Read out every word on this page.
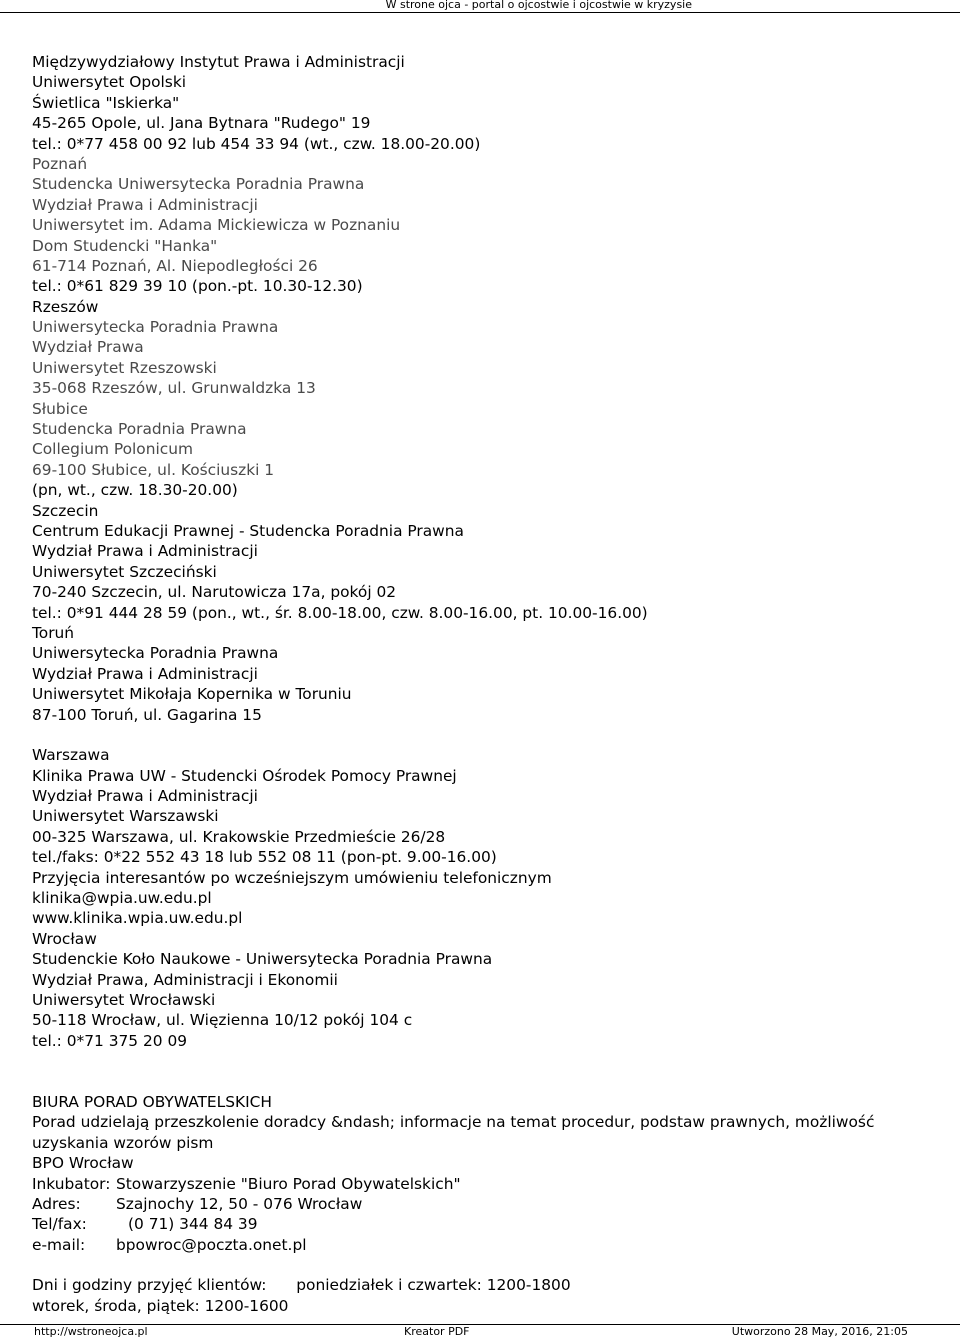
W strone ojca - portal o ojcostwie i ojcostwie w kryzysie
Międzywydziałowy Instytut Prawa i Administracji
Uniwersytet Opolski
Świetlica "Iskierka"
45-265 Opole, ul. Jana Bytnara "Rudego" 19
tel.: 0*77 458 00 92 lub 454 33 94 (wt., czw. 18.00-20.00)
Poznań
Studencka Uniwersytecka Poradnia Prawna
Wydział Prawa i Administracji
Uniwersytet im. Adama Mickiewicza w Poznaniu
Dom Studencki "Hanka"
61-714 Poznań, Al. Niepodległości 26
tel.: 0*61 829 39 10 (pon.-pt. 10.30-12.30)
Rzeszów
Uniwersytecka Poradnia Prawna
Wydział Prawa
Uniwersytet Rzeszowski
35-068 Rzeszów, ul. Grunwaldzka 13
Słubice
Studencka Poradnia Prawna
Collegium Polonicum
69-100 Słubice, ul. Kościuszki 1
(pn, wt., czw. 18.30-20.00)
Szczecin
Centrum Edukacji Prawnej - Studencka Poradnia Prawna
Wydział Prawa i Administracji
Uniwersytet Szczeciński
70-240 Szczecin, ul. Narutowicza 17a, pokój 02
tel.: 0*91 444 28 59 (pon., wt., śr. 8.00-18.00, czw. 8.00-16.00, pt. 10.00-16.00)
Toruń
Uniwersytecka Poradnia Prawna
Wydział Prawa i Administracji
Uniwersytet Mikołaja Kopernika w Toruniu
87-100 Toruń, ul. Gagarina 15
Warszawa
Klinika Prawa UW - Studencki Ośrodek Pomocy Prawnej
Wydział Prawa i Administracji
Uniwersytet Warszawski
00-325 Warszawa, ul. Krakowskie Przedmieście 26/28
tel./faks: 0*22 552 43 18 lub 552 08 11 (pon-pt. 9.00-16.00)
Przyjęcia interesantów po wcześniejszym umówieniu telefonicznym
klinika@wpia.uw.edu.pl
www.klinika.wpia.uw.edu.pl
Wrocław
Studenckie Koło Naukowe - Uniwersytecka Poradnia Prawna
Wydział Prawa, Administracji i Ekonomii
Uniwersytet Wrocławski
50-118 Wrocław, ul. Więzienna 10/12 pokój 104 c
tel.: 0*71 375 20 09
BIURA PORAD OBYWATELSKICH
Porad udzielają przeszkolenie doradcy &ndash; informacje na temat procedur, podstaw prawnych, możliwość uzyskania wzorów pism
BPO Wrocław
Inkubator: Stowarzyszenie "Biuro Porad Obywatelskich"
Adres:	Szajnochy 12, 50 - 076 Wrocław
Tel/fax:	(0 71) 344 84 39
e-mail:	bpowroc@poczta.onet.pl
Dni i godziny przyjęć klientów: poniedziałek i czwartek: 1200-1800
wtorek, środa, piątek: 1200-1600
http://wstroneojca.pl	Kreator PDF	Utworzono 28 May, 2016, 21:05
